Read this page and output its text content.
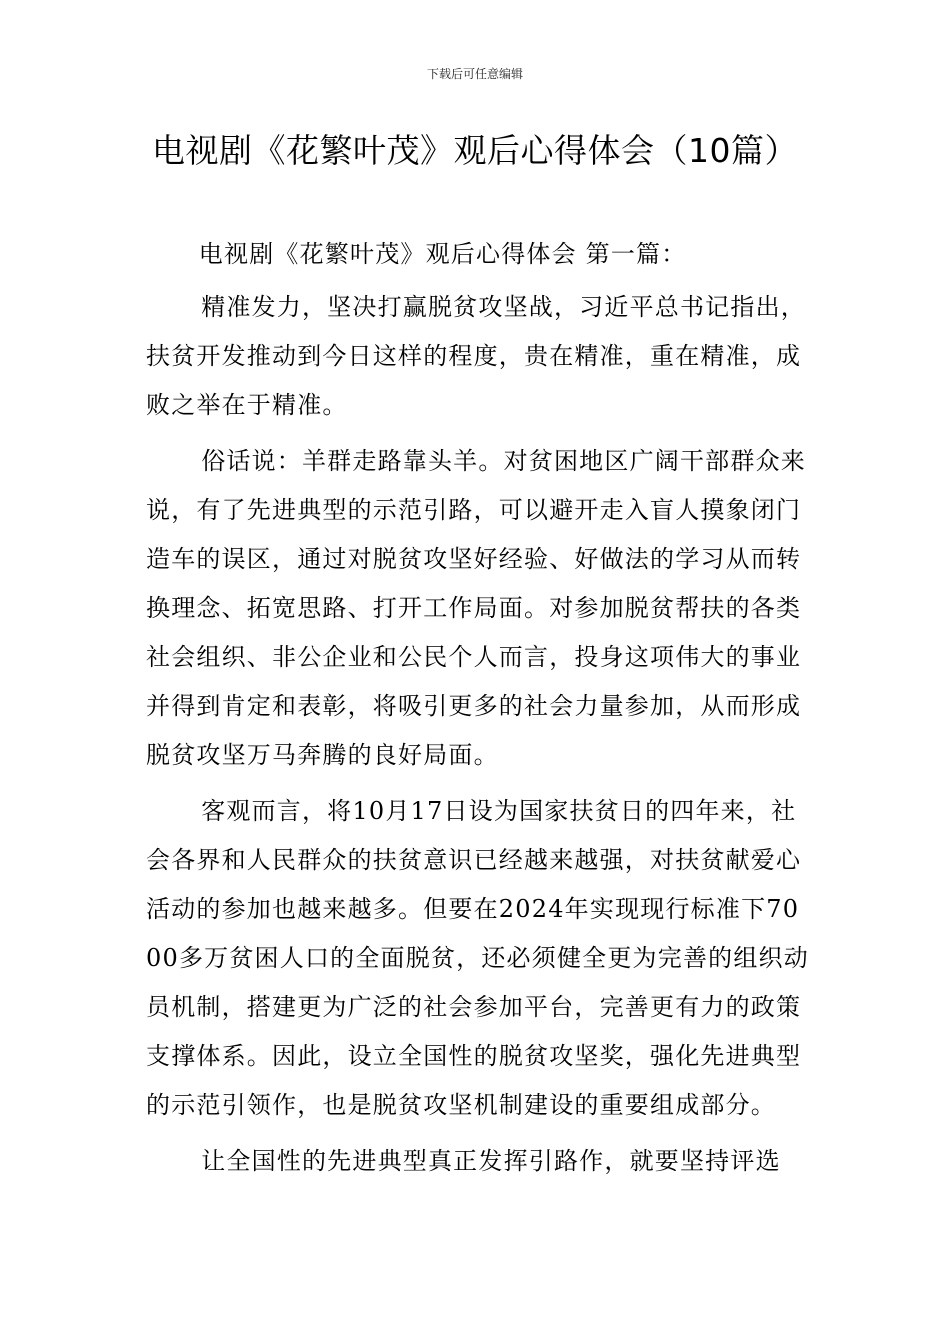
下载后可任意编辑
电视剧《花繁叶茂》观后心得体会（10篇）

电视剧《花繁叶茂》观后心得体会 第一篇：

精准发力，坚决打赢脱贫攻坚战，习近平总书记指出，扶贫开发推动到今日这样的程度，贵在精准，重在精准，成败之举在于精准。

俗话说：羊群走路靠头羊。对贫困地区广阔干部群众来说，有了先进典型的示范引路，可以避开走入盲人摸象闭门造车的误区，通过对脱贫攻坚好经验、好做法的学习从而转换理念、拓宽思路、打开工作局面。对参加脱贫帮扶的各类社会组织、非公企业和公民个人而言，投身这项伟大的事业并得到肯定和表彰，将吸引更多的社会力量参加，从而形成脱贫攻坚万马奔腾的良好局面。

客观而言，将10月17日设为国家扶贫日的四年来，社会各界和人民群众的扶贫意识已经越来越强，对扶贫献爱心活动的参加也越来越多。但要在2024年实现现行标准下7000多万贫困人口的全面脱贫，还必须健全更为完善的组织动员机制，搭建更为广泛的社会参加平台，完善更有力的政策支撑体系。因此，设立全国性的脱贫攻坚奖，强化先进典型的示范引领作，也是脱贫攻坚机制建设的重要组成部分。

让全国性的先进典型真正发挥引路作，就要坚持评选
